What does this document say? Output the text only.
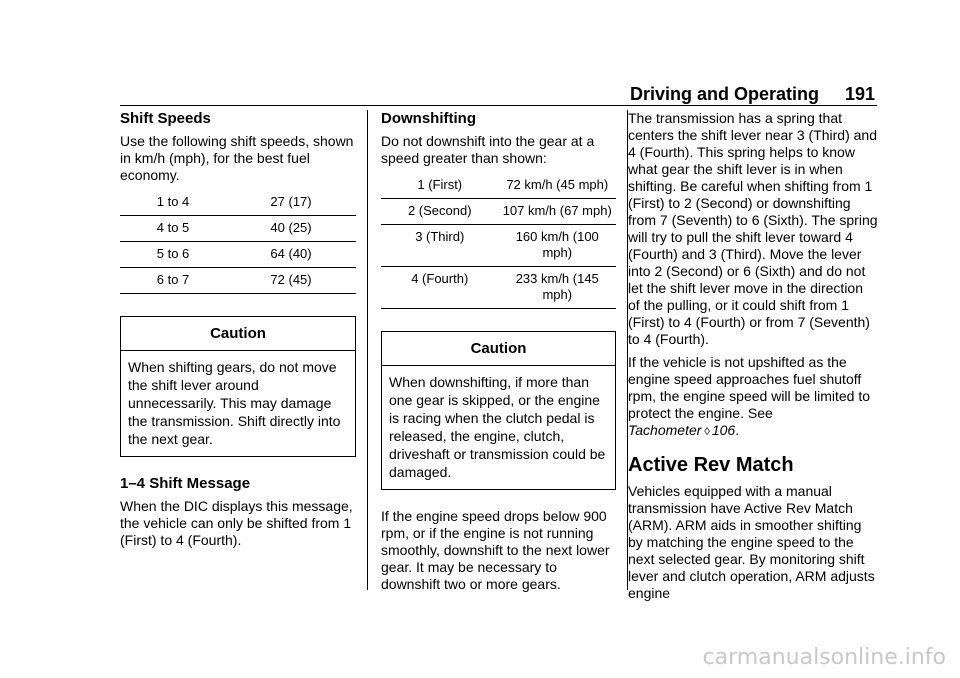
Driving and Operating 191
Shift Speeds

Use the following shift speeds, shown in km/h (mph), for the best fuel economy.

1 to 4	27 (17)
4 to 5	40 (25)
5 to 6	64 (40)
6 to 7	72 (45)
Caution
When shifting gears, do not move the shift lever around unnecessarily. This may damage the transmission. Shift directly into the next gear.
1–4 Shift Message

When the DIC displays this message, the vehicle can only be shifted from 1 (First) to 4 (Fourth).

Downshifting

Do not downshift into the gear at a speed greater than shown:

1 (First)	72 km/h (45 mph)
2 (Second)	107 km/h (67 mph)
3 (Third)	160 km/h (100 mph)
4 (Fourth)	233 km/h (145 mph)
Caution
When downshifting, if more than one gear is skipped, or the engine is racing when the clutch pedal is released, the engine, clutch, driveshaft or transmission could be damaged.

If the engine speed drops below 900 rpm, or if the engine is not running smoothly, downshift to the next lower gear. It may be necessary to downshift two or more gears.

The transmission has a spring that centers the shift lever near 3 (Third) and 4 (Fourth). This spring helps to know what gear the shift lever is in when shifting. Be careful when shifting from 1 (First) to 2 (Second) or downshifting from 7 (Seventh) to 6 (Sixth). The spring will try to pull the shift lever toward 4 (Fourth) and 3 (Third). Move the lever into 2 (Second) or 6 (Sixth) and do not let the shift lever move in the direction of the pulling, or it could shift from 1 (First) to 4 (Fourth) or from 7 (Seventh) to 4 (Fourth).

If the vehicle is not upshifted as the engine speed approaches fuel shutoff rpm, the engine speed will be limited to protect the engine. See
Tachometer ◊ 106.

Active Rev Match

Vehicles equipped with a manual transmission have Active Rev Match (ARM). ARM aids in smoother shifting by matching the engine speed to the next selected gear. By monitoring shift lever and clutch operation, ARM adjusts engine

carmanualsonline.info
